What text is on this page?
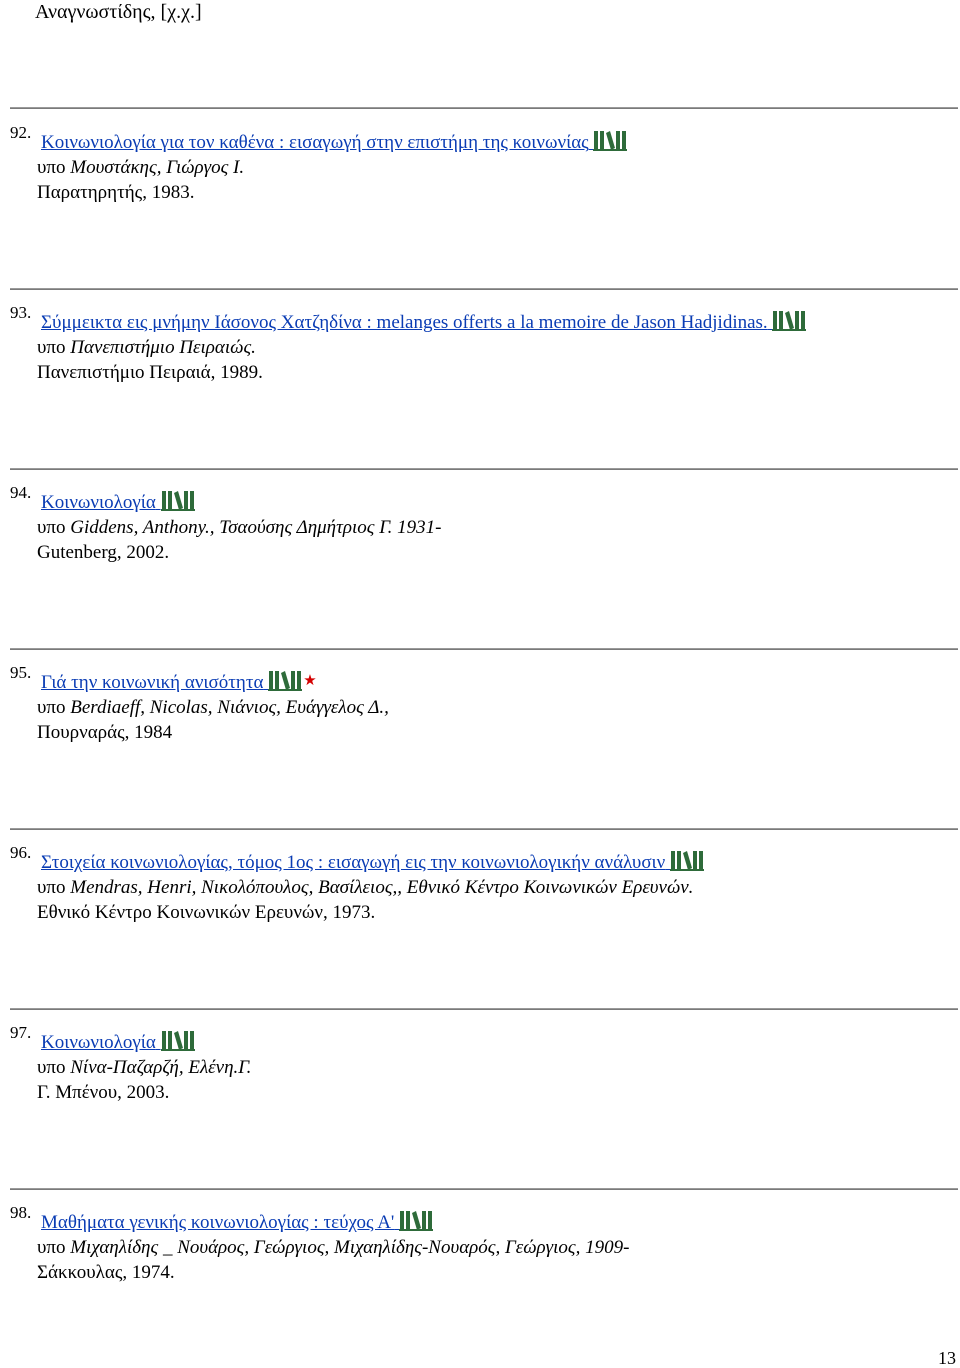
Αναγνωστίδης, [χ.χ.]
92. Κοινωνιολογία για τον καθένα : εισαγωγή στην επιστήμη της κοινωνίας
υπο Μουστάκης, Γιώργος Ι.
Παρατηρητής, 1983.
93. Σύμμεικτα εις μνήμην Ιάσονος Χατζηδίνα : melanges offerts a la memoire de Jason Hadjidinas.
υπο Πανεπιστήμιο Πειραιώς.
Πανεπιστήμιο Πειραιά, 1989.
94. Κοινωνιολογία
υπο Giddens, Anthony., Τσαούσης Δημήτριος Γ. 1931-
Gutenberg, 2002.
95. Γιά την κοινωνική ανισότητα	★
υπο Berdiaeff, Nicolas, Νιάνιος, Ευάγγελος Δ.,
Πουρναράς, 1984
96. Στοιχεία κοινωνιολογίας, τόμος 1ος : εισαγωγή εις την κοινωνιολογικήν ανάλυσιν
υπο Mendras, Henri, Νικολόπουλος, Βασίλειος,, Εθνικό Κέντρο Κοινωνικών Ερευνών.
Εθνικό Κέντρο Κοινωνικών Ερευνών, 1973.
97. Κοινωνιολογία
υπο Νίνα-Παζαρζή, Ελένη.Γ.
Γ. Μπένου, 2003.
98. Μαθήματα γενικής κοινωνιολογίας : τεύχος Α'
υπο Μιχαηλίδης _ Νουάρος, Γεώργιος, Μιχαηλίδης-Νουαρός, Γεώργιος, 1909-
Σάκκουλας, 1974.
13
